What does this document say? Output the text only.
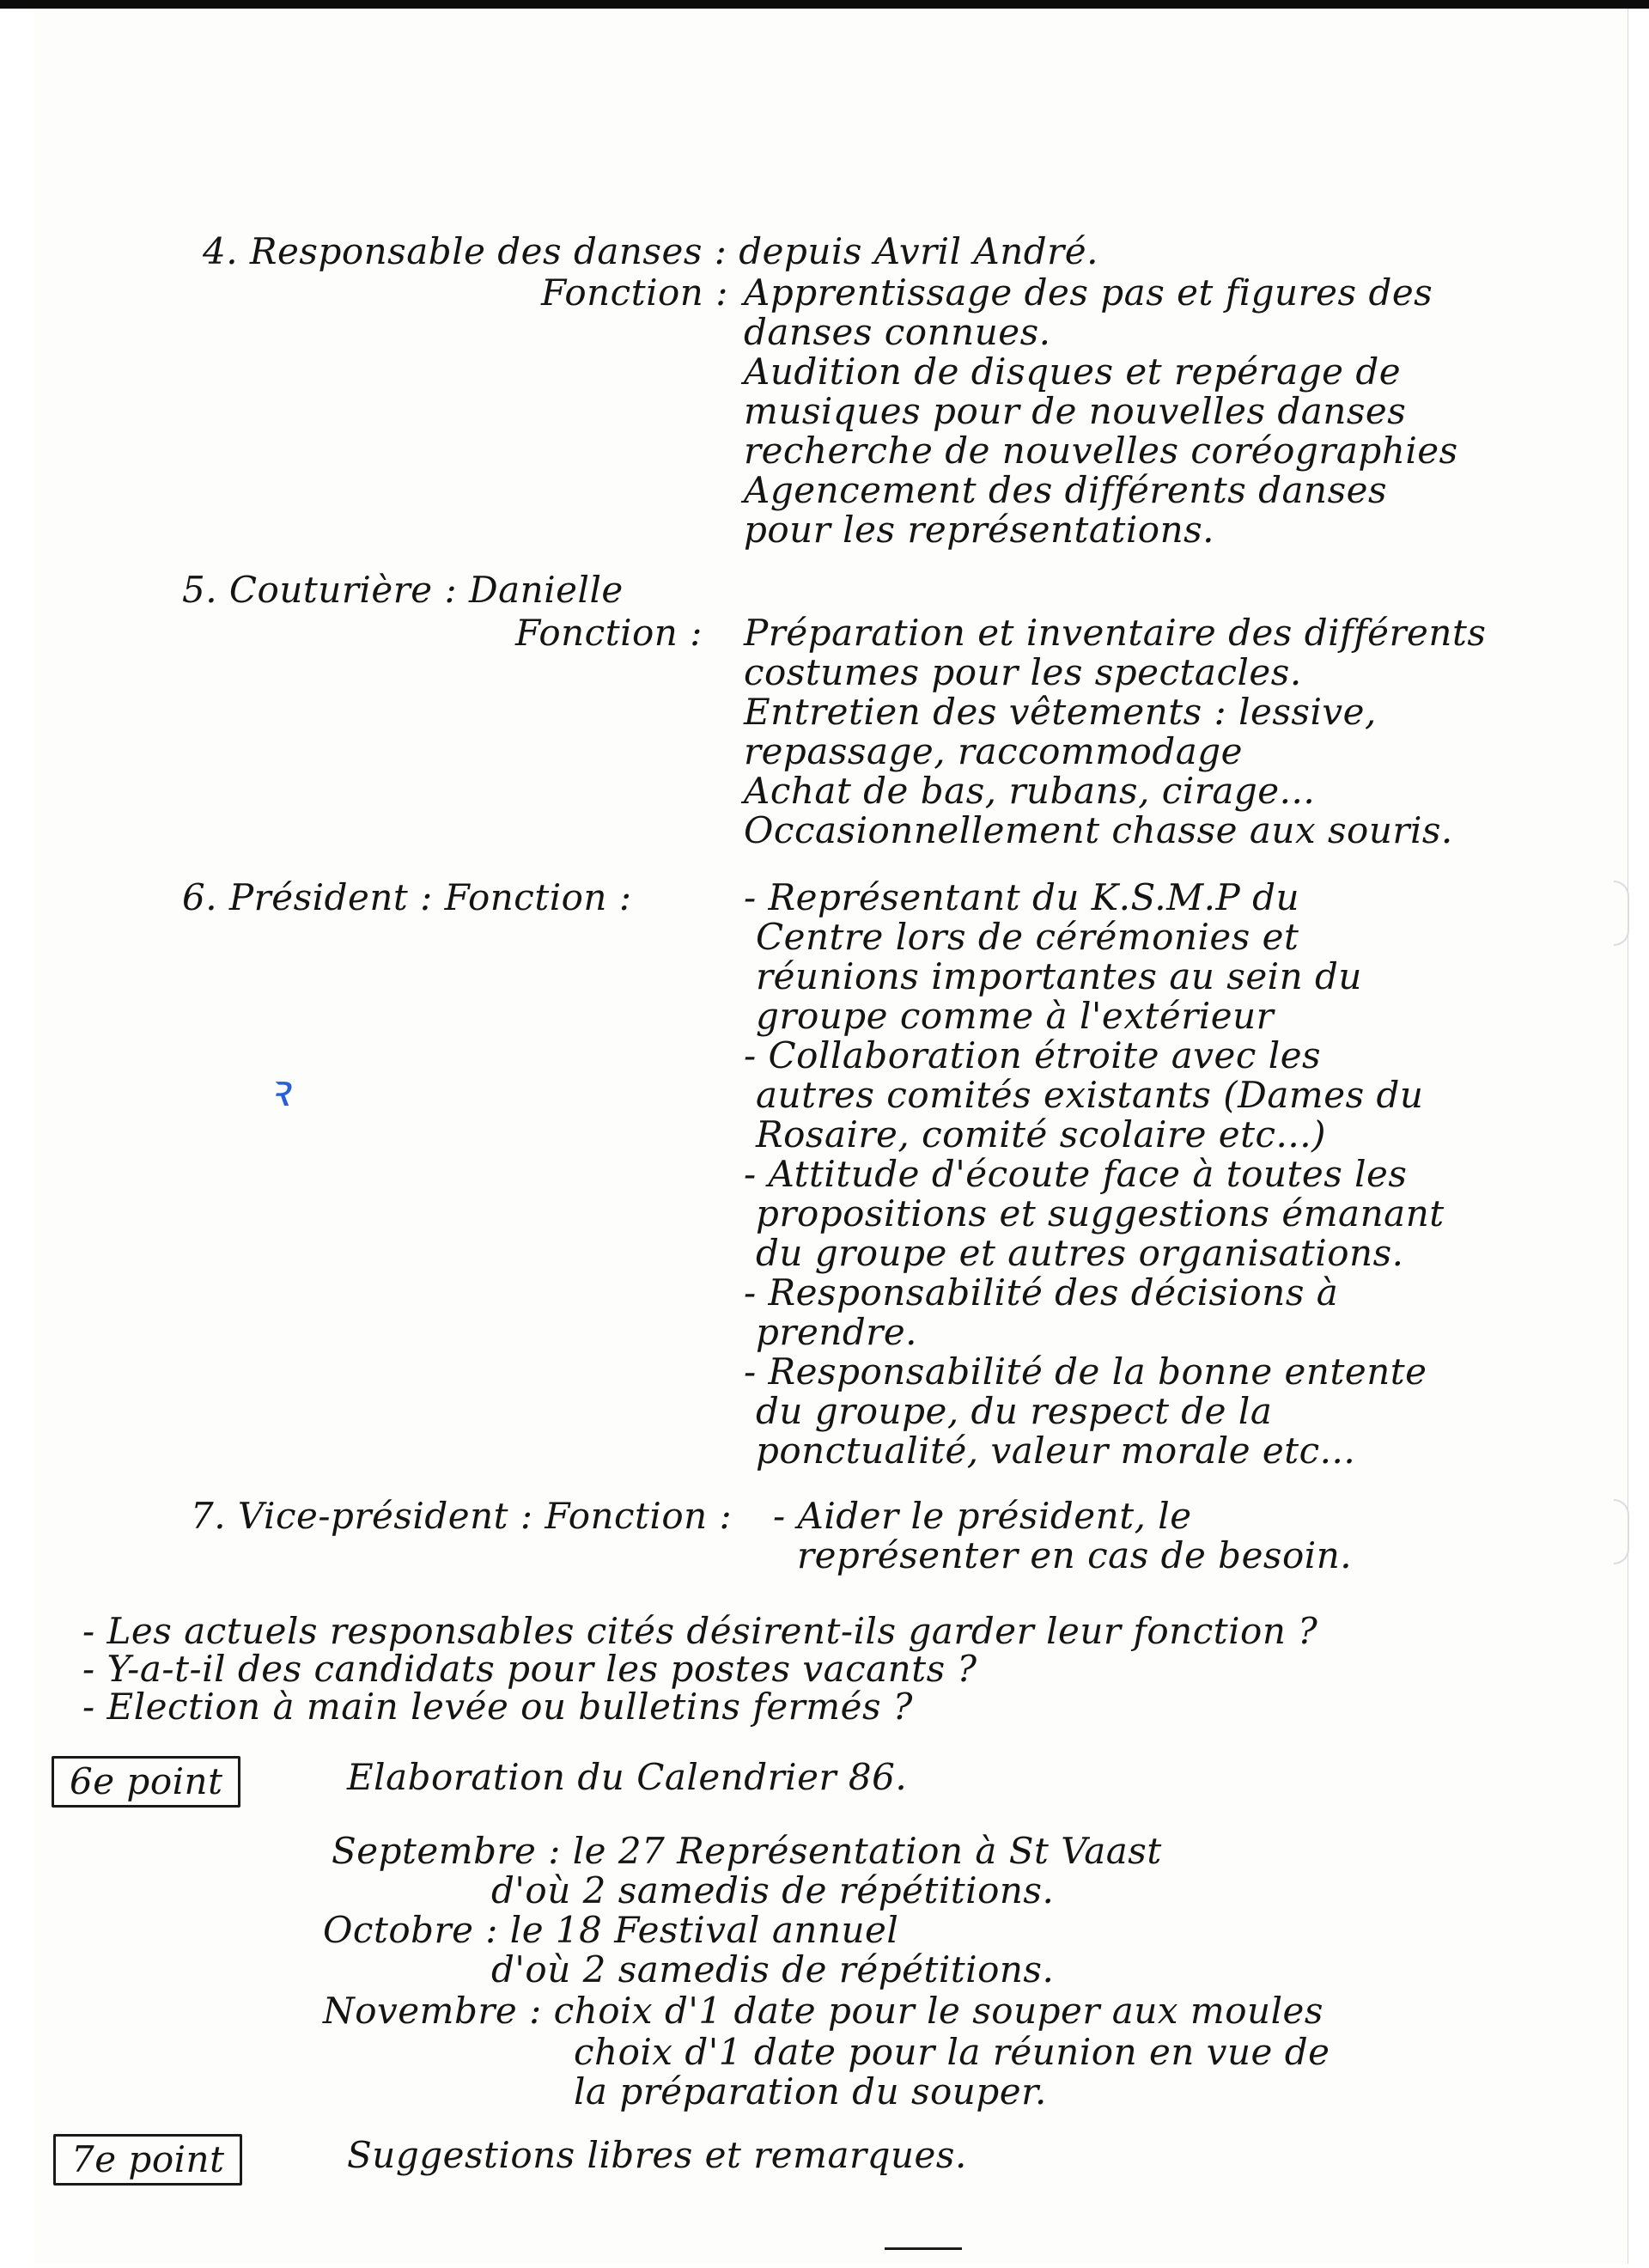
4. Responsable des danses : depuis Avril André.
Fonction : Apprentissage des pas et figures des
danses connues.
Audition de disques et repérage de
musiques pour de nouvelles danses
recherche de nouvelles coréographies
Agencement des différents danses
pour les représentations.
5. Couturière : Danielle
Fonction : Préparation et inventaire des différents
costumes pour les spectacles.
Entretien des vêtements : lessive,
repassage, raccommodage
Achat de bas, rubans, cirage...
Occasionnellement chasse aux souris.
6. Président : Fonction :	- Représentant du K.S.M.P du
Centre lors de cérémonies et
réunions importantes au sein du
groupe comme à l'extérieur
- Collaboration étroite avec les
autres comités existants (Dames du
Rosaire, comité scolaire etc...)
- Attitude d'écoute face à toutes les
propositions et suggestions émanant
du groupe et autres organisations.
- Responsabilité des décisions à
prendre.
- Responsabilité de la bonne entente
du groupe, du respect de la
ponctualité, valeur morale etc...
ꝛ
7. Vice-président : Fonction : - Aider le président, le
représenter en cas de besoin.
- Les actuels responsables cités désirent-ils garder leur fonction ?
- Y-a-t-il des candidats pour les postes vacants ?
- Election à main levée ou bulletins fermés ?
6e point	Elaboration du Calendrier 86.
Septembre : le 27 Représentation à St Vaast
d'où 2 samedis de répétitions.
Octobre : le 18 Festival annuel
d'où 2 samedis de répétitions.
Novembre : choix d'1 date pour le souper aux moules
choix d'1 date pour la réunion en vue de
la préparation du souper.
7e point	Suggestions libres et remarques.
